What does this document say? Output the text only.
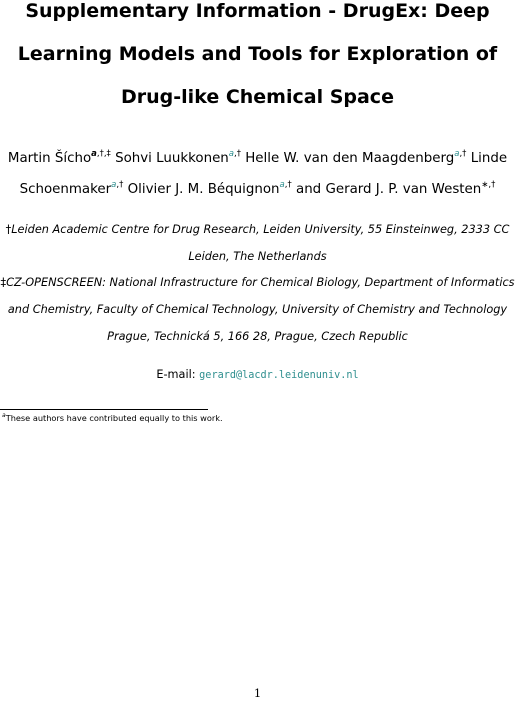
Supplementary Information - DrugEx: Deep
Learning Models and Tools for Exploration of
Drug-like Chemical Space
Martin Šícho$^{a,\dagger,\ddagger}$ Sohvi Luukkonen$^{a,\dagger}$ Helle W. van den Maagdenberg$^{a,\dagger}$ Linde
Schoenmaker$^{a,\dagger}$ Olivier J. M. Béquignon$^{a,\dagger}$ and Gerard J. P. van Westen∗,†
†Leiden Academic Centre for Drug Research, Leiden University, 55 Einsteinweg, 2333 CC
Leiden, The Netherlands
‡CZ-OPENSCREEN: National Infrastructure for Chemical Biology, Department of Informatics
and Chemistry, Faculty of Chemical Technology, University of Chemistry and Technology
Prague, Technická 5, 166 28, Prague, Czech Republic
E-mail: gerard@lacdr.leidenuniv.nl
$^a$These authors have contributed equally to this work.
1
